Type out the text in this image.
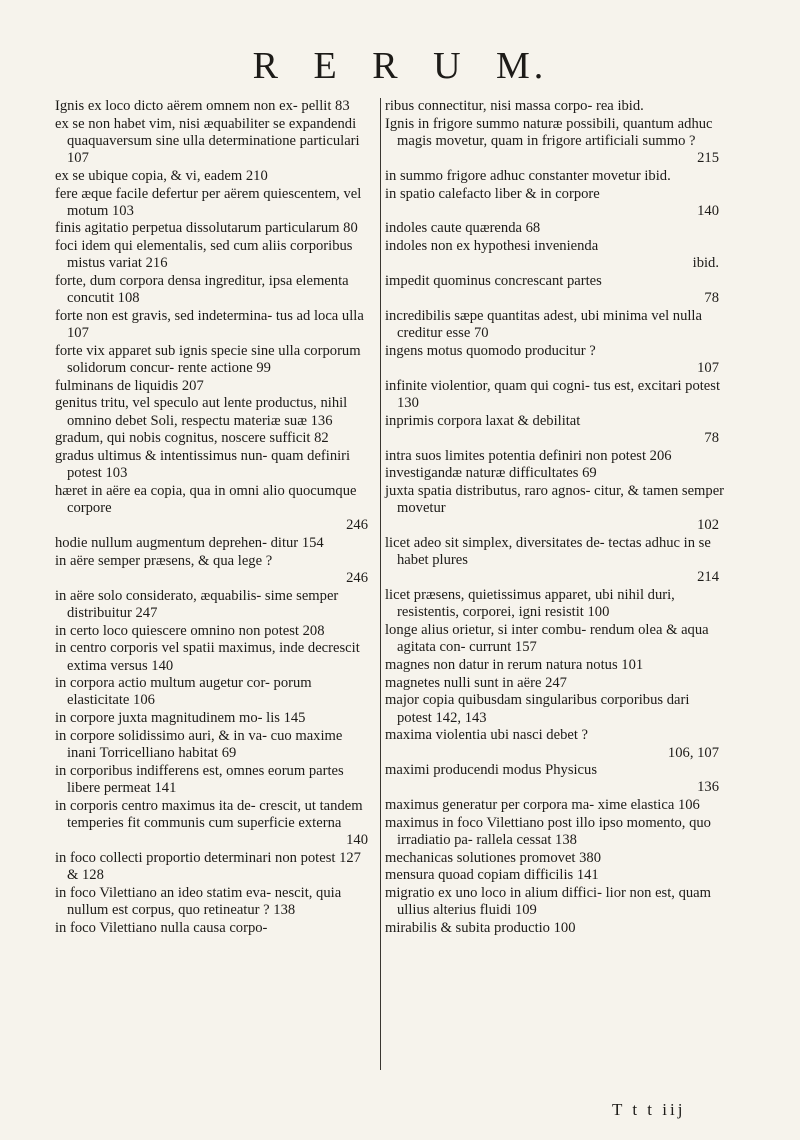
R E R U M.
Ignis ex loco dicto aërem omnem non ex- pellit 83
ex se non habet vim, nisi æquabiliter se expandendi quaquaversum sine ulla determinatione particulari 107
ex se ubique copia, & vi, eadem 210
fere æque facile defertur per aërem quiescentem, vel motum 103
finis agitatio perpetua dissolutarum particularum 80
foci idem qui elementalis, sed cum aliis corporibus mistus variat 216
forte, dum corpora densa ingreditur, ipsa elementa concutit 108
forte non est gravis, sed indetermina- tus ad loca ulla 107
forte vix apparet sub ignis specie sine ulla corporum solidorum concur- rente actione 99
fulminans de liquidis 207
genitus tritu, vel speculo aut lente productus, nihil omnino debet Soli, respectu materiæ suæ 136
gradum, qui nobis cognitus, noscere sufficit 82
gradus ultimus & intentissimus nun- quam definiri potest 103
hæret in aëre ea copia, qua in omni alio quocumque corpore
246
hodie nullum augmentum deprehen- ditur 154
in aëre semper præsens, & qua lege ?
246
in aëre solo considerato, æquabilis- sime semper distribuitur 247
in certo loco quiescere omnino non potest 208
in centro corporis vel spatii maximus, inde decrescit extima versus 140
in corpora actio multum augetur cor- porum elasticitate 106
in corpore juxta magnitudinem mo- lis 145
in corpore solidissimo auri, & in va- cuo maxime inani Torricelliano habitat 69
in corporibus indifferens est, omnes eorum partes libere permeat 141
in corporis centro maximus ita de- crescit, ut tandem temperies fit communis cum superficie externa
140
in foco collecti proportio determinari non potest 127 & 128
in foco Vilettiano an ideo statim eva- nescit, quia nullum est corpus, quo retineatur ? 138
in foco Vilettiano nulla causa corpo-
ribus connectitur, nisi massa corpo- rea ibid.
Ignis in frigore summo naturæ possibili, quantum adhuc magis movetur, quam in frigore artificiali summo ?
215
in summo frigore adhuc constanter movetur ibid.
in spatio calefacto liber & in corpore
140
indoles caute quærenda 68
indoles non ex hypothesi invenienda
ibid.
impedit quominus concrescant partes
78
incredibilis sæpe quantitas adest, ubi minima vel nulla creditur esse 70
ingens motus quomodo producitur ?
107
infinite violentior, quam qui cogni- tus est, excitari potest 130
inprimis corpora laxat & debilitat
78
intra suos limites potentia definiri non potest 206
investigandæ naturæ difficultates 69
juxta spatia distributus, raro agnos- citur, & tamen semper movetur
102
licet adeo sit simplex, diversitates de- tectas adhuc in se habet plures
214
licet præsens, quietissimus apparet, ubi nihil duri, resistentis, corporei, igni resistit 100
longe alius orietur, si inter combu- rendum olea & aqua agitata con- currunt 157
magnes non datur in rerum natura notus 101
magnetes nulli sunt in aëre 247
major copia quibusdam singularibus corporibus dari potest 142, 143
maxima violentia ubi nasci debet ?
106, 107
maximi producendi modus Physicus
136
maximus generatur per corpora ma- xime elastica 106
maximus in foco Vilettiano post illo ipso momento, quo irradiatio pa- rallela cessat 138
mechanicas solutiones promovet 380
mensura quoad copiam difficilis 141
migratio ex uno loco in alium diffici- lior non est, quam ullius alterius fluidi 109
mirabilis & subita productio 100
T t t iij
